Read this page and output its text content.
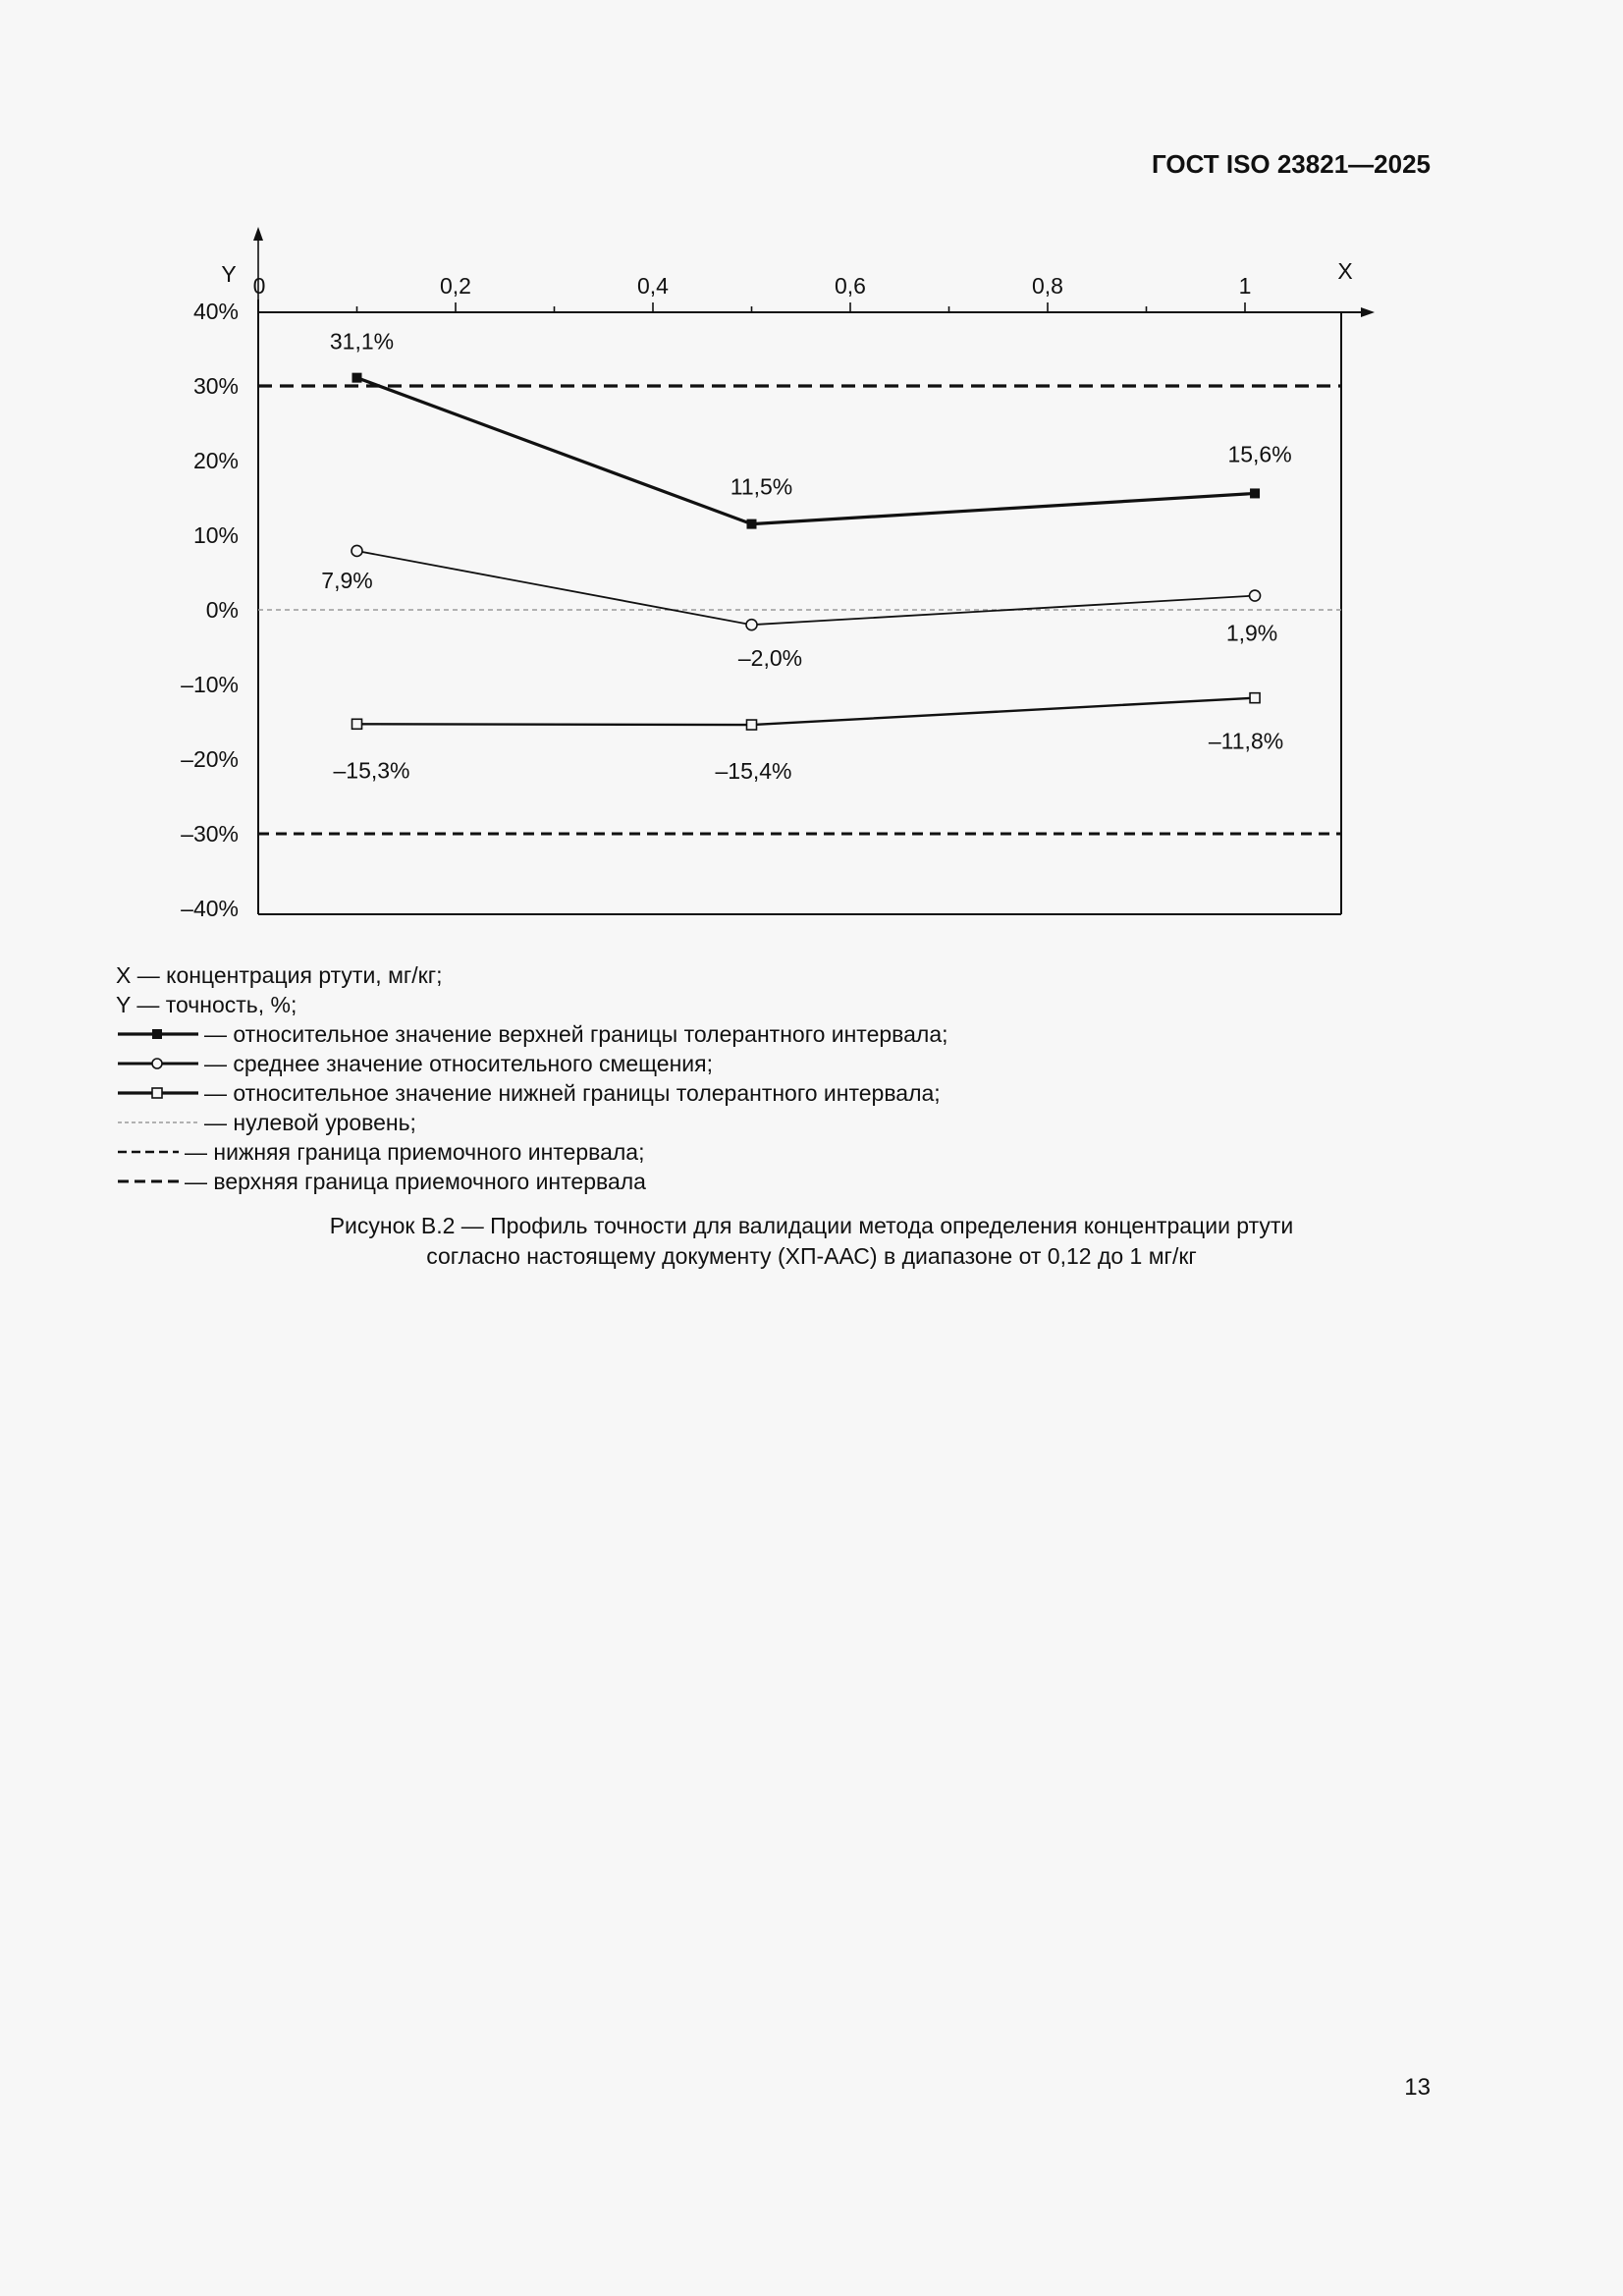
ГОСТ ISO 23821—2025
Y	X
0	0,2	0,4	0,6	0,8	1
40%
30%
20%
10%
0%
–10%
–20%
–30%
–40%
31,1%
11,5%
15,6%
7,9%
–2,0%
1,9%
–15,3%	–15,4%
–11,8%
X — концентрация ртути, мг/кг;
Y — точность, %;
— относительное значение верхней границы толерантного интервала;
— среднее значение относительного смещения;
— относительное значение нижней границы толерантного интервала;
— нулевой уровень;
— нижняя граница приемочного интервала;
— верхняя граница приемочного интервала
Рисунок В.2 — Профиль точности для валидации метода определения концентрации ртути
согласно настоящему документу (ХП-ААС) в диапазоне от 0,12 до 1 мг/кг
13
